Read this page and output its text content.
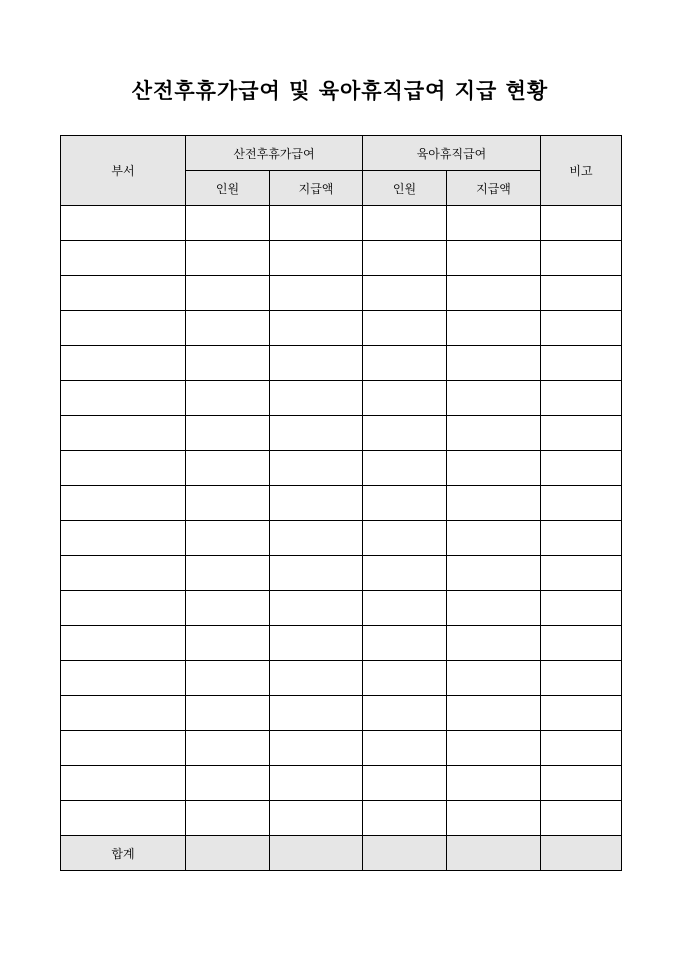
산전후휴가급여 및 육아휴직급여 지급 현황
부서	산전후휴가급여		육아휴직급여		비고
	인원	지급액	인원	지급액	

합계					
